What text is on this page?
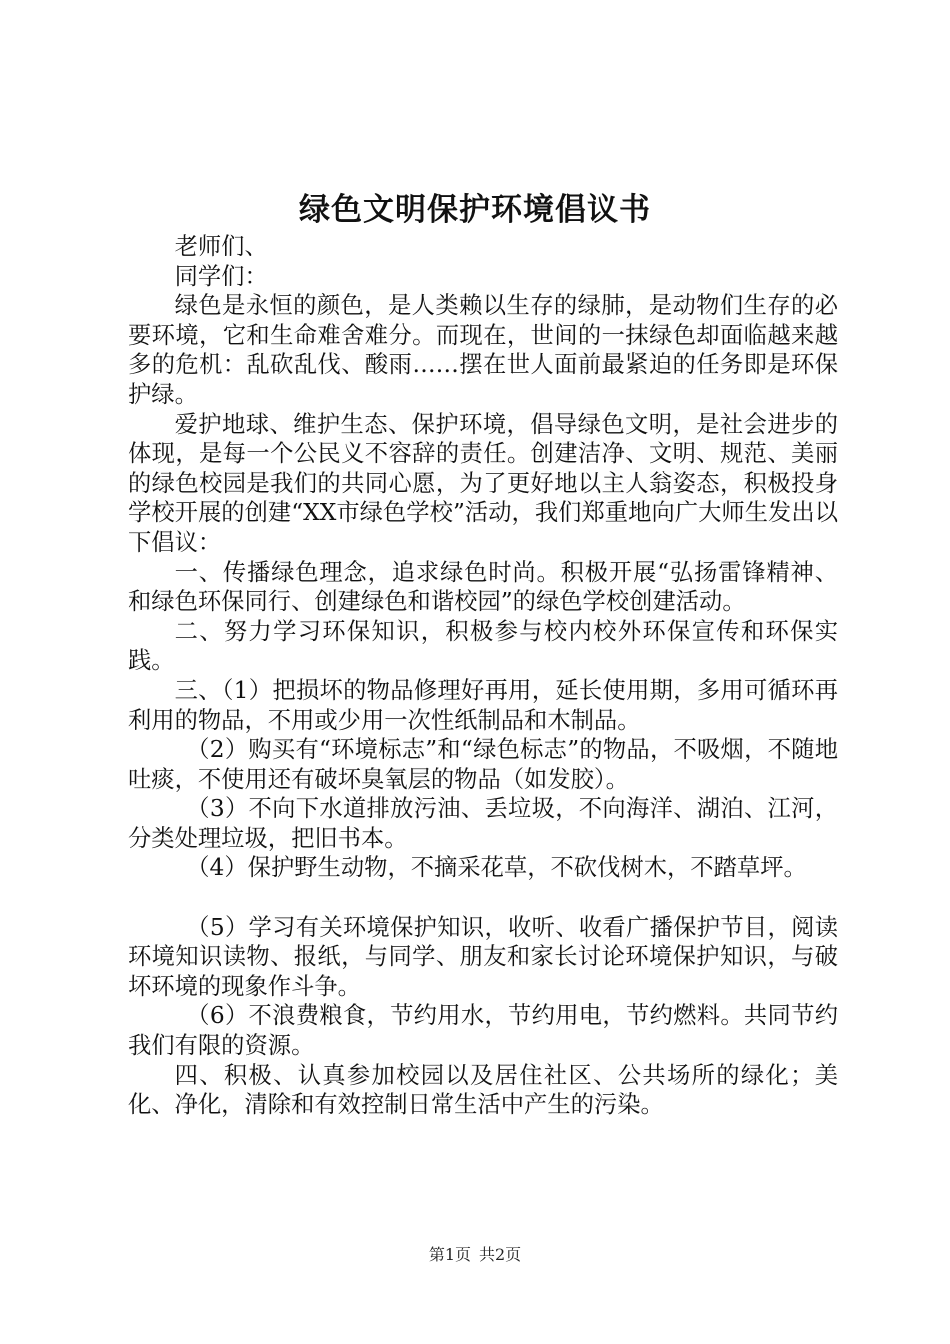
绿色文明保护环境倡议书

老师们、

同学们：

绿色是永恒的颜色，是人类赖以生存的绿肺，是动物们生存的必要环境，它和生命难舍难分。而现在，世间的一抹绿色却面临越来越多的危机：乱砍乱伐、酸雨……摆在世人面前最紧迫的任务即是环保护绿。

爱护地球、维护生态、保护环境，倡导绿色文明，是社会进步的体现，是每一个公民义不容辞的责任。创建洁净、文明、规范、美丽的绿色校园是我们的共同心愿，为了更好地以主人翁姿态，积极投身学校开展的创建“XX市绿色学校”活动，我们郑重地向广大师生发出以下倡议：

一、传播绿色理念，追求绿色时尚。积极开展“弘扬雷锋精神、和绿色环保同行、创建绿色和谐校园”的绿色学校创建活动。

二、努力学习环保知识，积极参与校内校外环保宣传和环保实践。

三、（1）把损坏的物品修理好再用，延长使用期，多用可循环再利用的物品，不用或少用一次性纸制品和木制品。

（2）购买有“环境标志”和“绿色标志”的物品，不吸烟，不随地吐痰，不使用还有破坏臭氧层的物品（如发胶）。

（3）不向下水道排放污油、丢垃圾，不向海洋、湖泊、江河，分类处理垃圾，把旧书本。

（4）保护野生动物，不摘采花草，不砍伐树木，不踏草坪。

（5）学习有关环境保护知识，收听、收看广播保护节目，阅读环境知识读物、报纸，与同学、朋友和家长讨论环境保护知识，与破坏环境的现象作斗争。

（6）不浪费粮食，节约用水，节约用电，节约燃料。共同节约我们有限的资源。

四、积极、认真参加校园以及居住社区、公共场所的绿化；美化、净化，清除和有效控制日常生活中产生的污染。

第1页 共2页
